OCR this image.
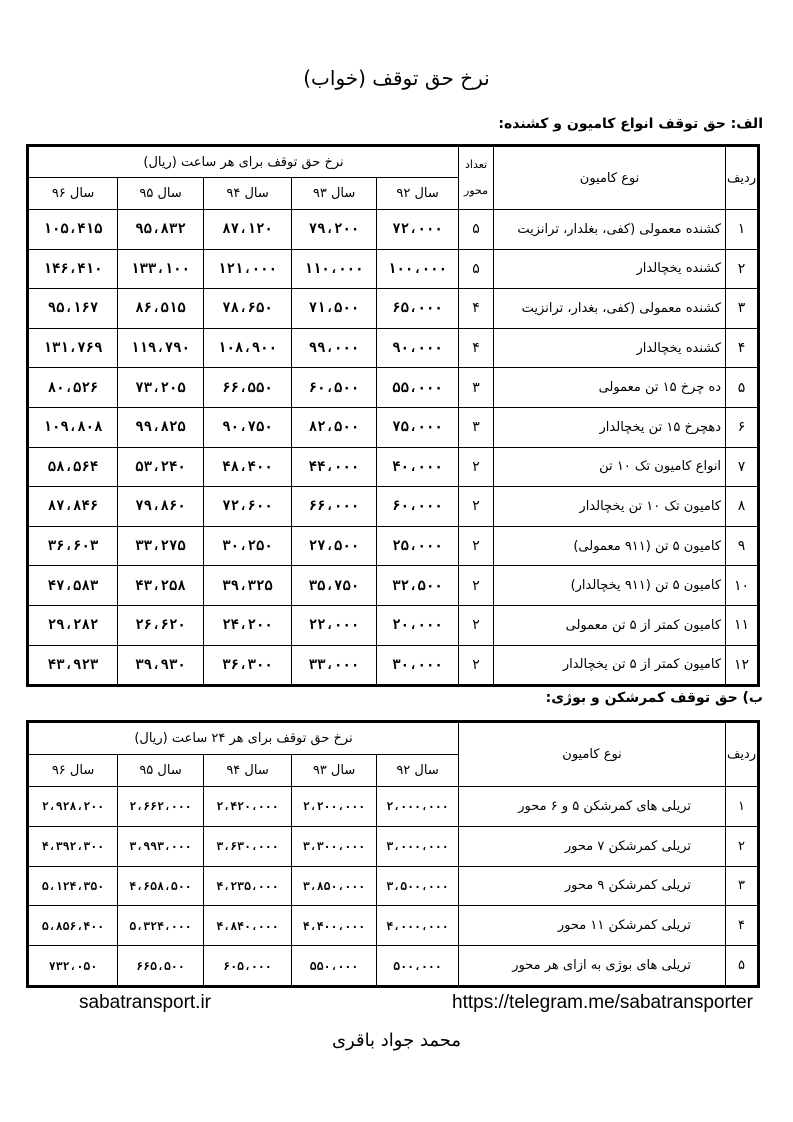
نرخ حق توقف (خواب)
الف: حق توقف انواع کامیون و کشنده:
ردیف	نوع کامیون	تعداد محور	نرخ حق توقف برای هر ساعت (ریال)				
			سال ۹۲	سال ۹۳	سال ۹۴	سال ۹۵	سال ۹۶
۱	کشنده معمولی (کفی، بغلدار، ترانزیت	۵	۷۲،۰۰۰	۷۹،۲۰۰	۸۷،۱۲۰	۹۵،۸۳۲	۱۰۵،۴۱۵
۲	کشنده یخچالدار	۵	۱۰۰،۰۰۰	۱۱۰،۰۰۰	۱۲۱،۰۰۰	۱۳۳،۱۰۰	۱۴۶،۴۱۰
۳	کشنده معمولی (کفی، بغدار، ترانزیت	۴	۶۵،۰۰۰	۷۱،۵۰۰	۷۸،۶۵۰	۸۶،۵۱۵	۹۵،۱۶۷
۴	کشنده یخچالدار	۴	۹۰،۰۰۰	۹۹،۰۰۰	۱۰۸،۹۰۰	۱۱۹،۷۹۰	۱۳۱،۷۶۹
۵	ده چرخ ۱۵ تن معمولی	۳	۵۵،۰۰۰	۶۰،۵۰۰	۶۶،۵۵۰	۷۳،۲۰۵	۸۰،۵۲۶
۶	دهچرخ ۱۵ تن یخچالدار	۳	۷۵،۰۰۰	۸۲،۵۰۰	۹۰،۷۵۰	۹۹،۸۲۵	۱۰۹،۸۰۸
۷	انواع کامیون تک ۱۰ تن	۲	۴۰،۰۰۰	۴۴،۰۰۰	۴۸،۴۰۰	۵۳،۲۴۰	۵۸،۵۶۴
۸	کامیون تک ۱۰ تن یخچالدار	۲	۶۰،۰۰۰	۶۶،۰۰۰	۷۲،۶۰۰	۷۹،۸۶۰	۸۷،۸۴۶
۹	کامیون ۵ تن (۹۱۱ معمولی)	۲	۲۵،۰۰۰	۲۷،۵۰۰	۳۰،۲۵۰	۳۳،۲۷۵	۳۶،۶۰۳
۱۰	کامیون ۵ تن (۹۱۱ یخچالدار)	۲	۳۲،۵۰۰	۳۵،۷۵۰	۳۹،۳۲۵	۴۳،۲۵۸	۴۷،۵۸۳
۱۱	کامیون کمتر از ۵ تن معمولی	۲	۲۰،۰۰۰	۲۲،۰۰۰	۲۴،۲۰۰	۲۶،۶۲۰	۲۹،۲۸۲
۱۲	کامیون کمتر از ۵ تن یخچالدار	۲	۳۰،۰۰۰	۳۳،۰۰۰	۳۶،۳۰۰	۳۹،۹۳۰	۴۳،۹۲۳
ب) حق توقف کمرشکن و بوژی:
ردیف	نوع کامیون	نرخ حق توقف برای هر ۲۴ ساعت (ریال)				
		سال ۹۲	سال ۹۳	سال ۹۴	سال ۹۵	سال ۹۶
۱	تریلی های کمرشکن ۵ و ۶ محور	۲،۰۰۰،۰۰۰	۲،۲۰۰،۰۰۰	۲،۴۲۰،۰۰۰	۲،۶۶۲،۰۰۰	۲،۹۲۸،۲۰۰
۲	تریلی کمرشکن ۷ محور	۳،۰۰۰،۰۰۰	۳،۳۰۰،۰۰۰	۳،۶۳۰،۰۰۰	۳،۹۹۳،۰۰۰	۴،۳۹۲،۳۰۰
۳	تریلی کمرشکن ۹ محور	۳،۵۰۰،۰۰۰	۳،۸۵۰،۰۰۰	۴،۲۳۵،۰۰۰	۴،۶۵۸،۵۰۰	۵،۱۲۴،۳۵۰
۴	تریلی کمرشکن ۱۱ محور	۴،۰۰۰،۰۰۰	۴،۴۰۰،۰۰۰	۴،۸۴۰،۰۰۰	۵،۳۲۴،۰۰۰	۵،۸۵۶،۴۰۰
۵	تریلی های بوژی به ازای هر محور	۵۰۰،۰۰۰	۵۵۰،۰۰۰	۶۰۵،۰۰۰	۶۶۵،۵۰۰	۷۳۲،۰۵۰
sabatransport.ir	https://telegram.me/sabatransporter
محمد جواد باقری
